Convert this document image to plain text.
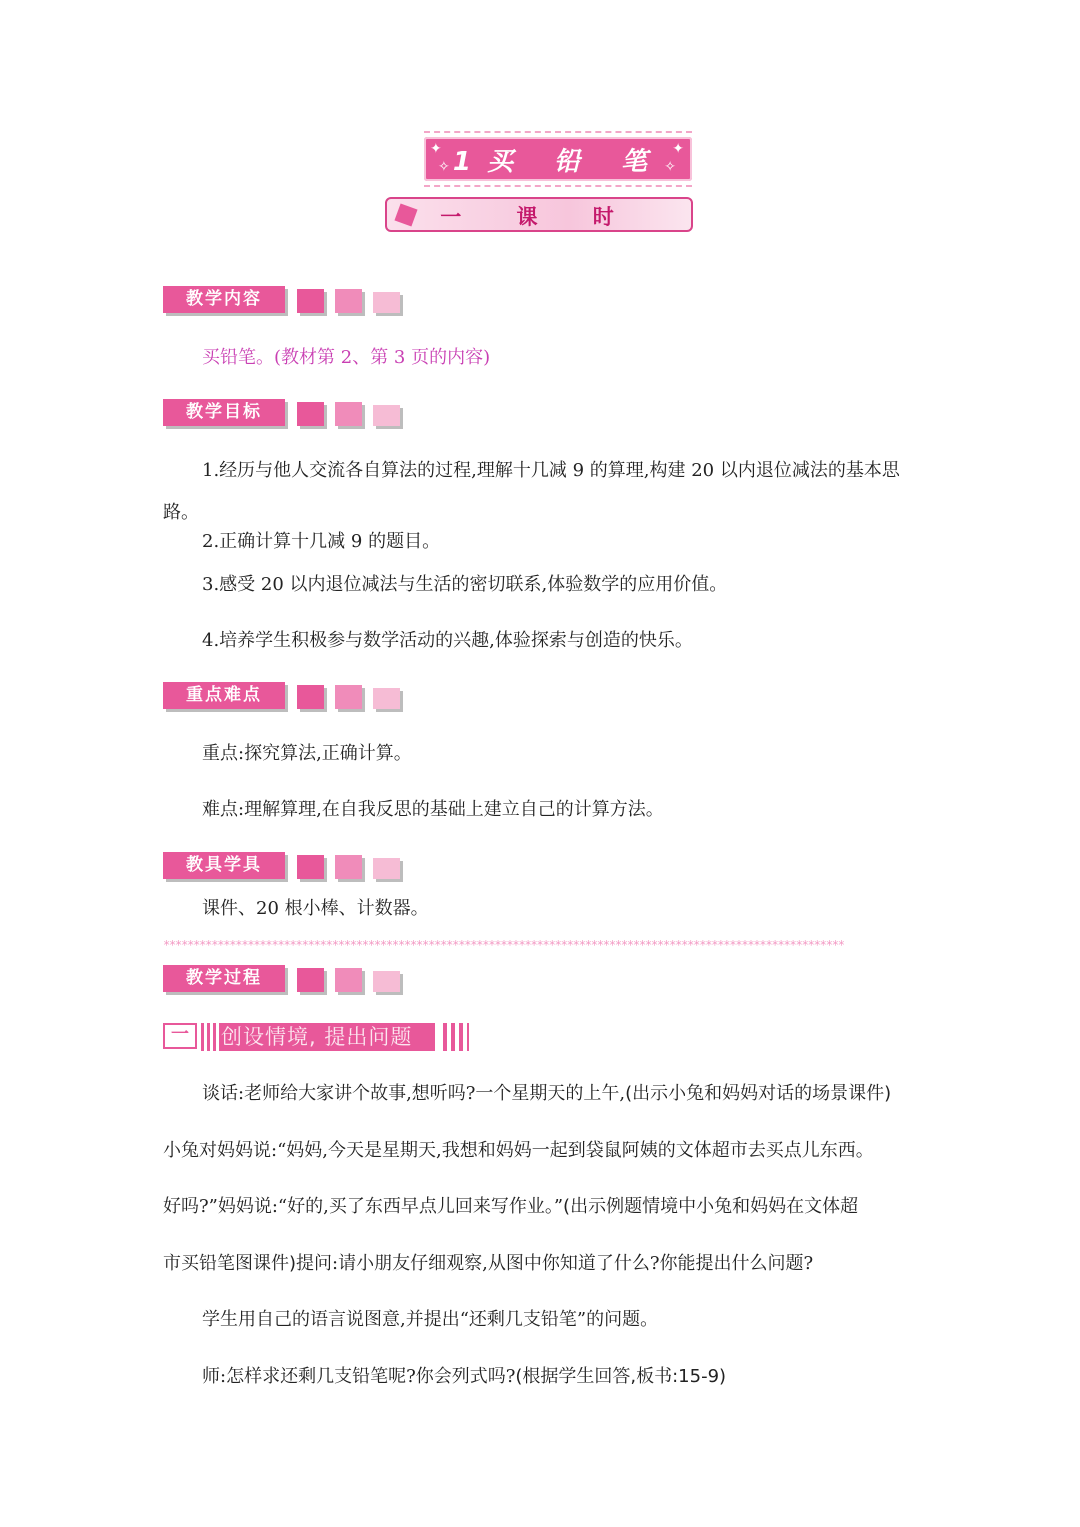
✦
✧
✦
✧
1买 铅 笔
一 课 时
教学内容
买铅笔。(教材第 2、第 3 页的内容)
教学目标
1.经历与他人交流各自算法的过程,理解十几减 9 的算理,构建 20 以内退位减法的基本思
路。
2.正确计算十几减 9 的题目。
3.感受 20 以内退位减法与生活的密切联系,体验数学的应用价值。
4.培养学生积极参与数学活动的兴趣,体验探索与创造的快乐。
重点难点
重点:探究算法,正确计算。
难点:理解算理,在自我反思的基础上建立自己的计算方法。
教具学具
课件、20 根小棒、计数器。
*****************************************************************************************************************
教学过程
一	创设情境, 提出问题
谈话:老师给大家讲个故事,想听吗?一个星期天的上午,(出示小兔和妈妈对话的场景课件)
小兔对妈妈说:“妈妈,今天是星期天,我想和妈妈一起到袋鼠阿姨的文体超市去买点儿东西。
好吗?”妈妈说:“好的,买了东西早点儿回来写作业。”(出示例题情境中小兔和妈妈在文体超
市买铅笔图课件)提问:请小朋友仔细观察,从图中你知道了什么?你能提出什么问题?
学生用自己的语言说图意,并提出“还剩几支铅笔”的问题。
师:怎样求还剩几支铅笔呢?你会列式吗?(根据学生回答,板书:15-9)
